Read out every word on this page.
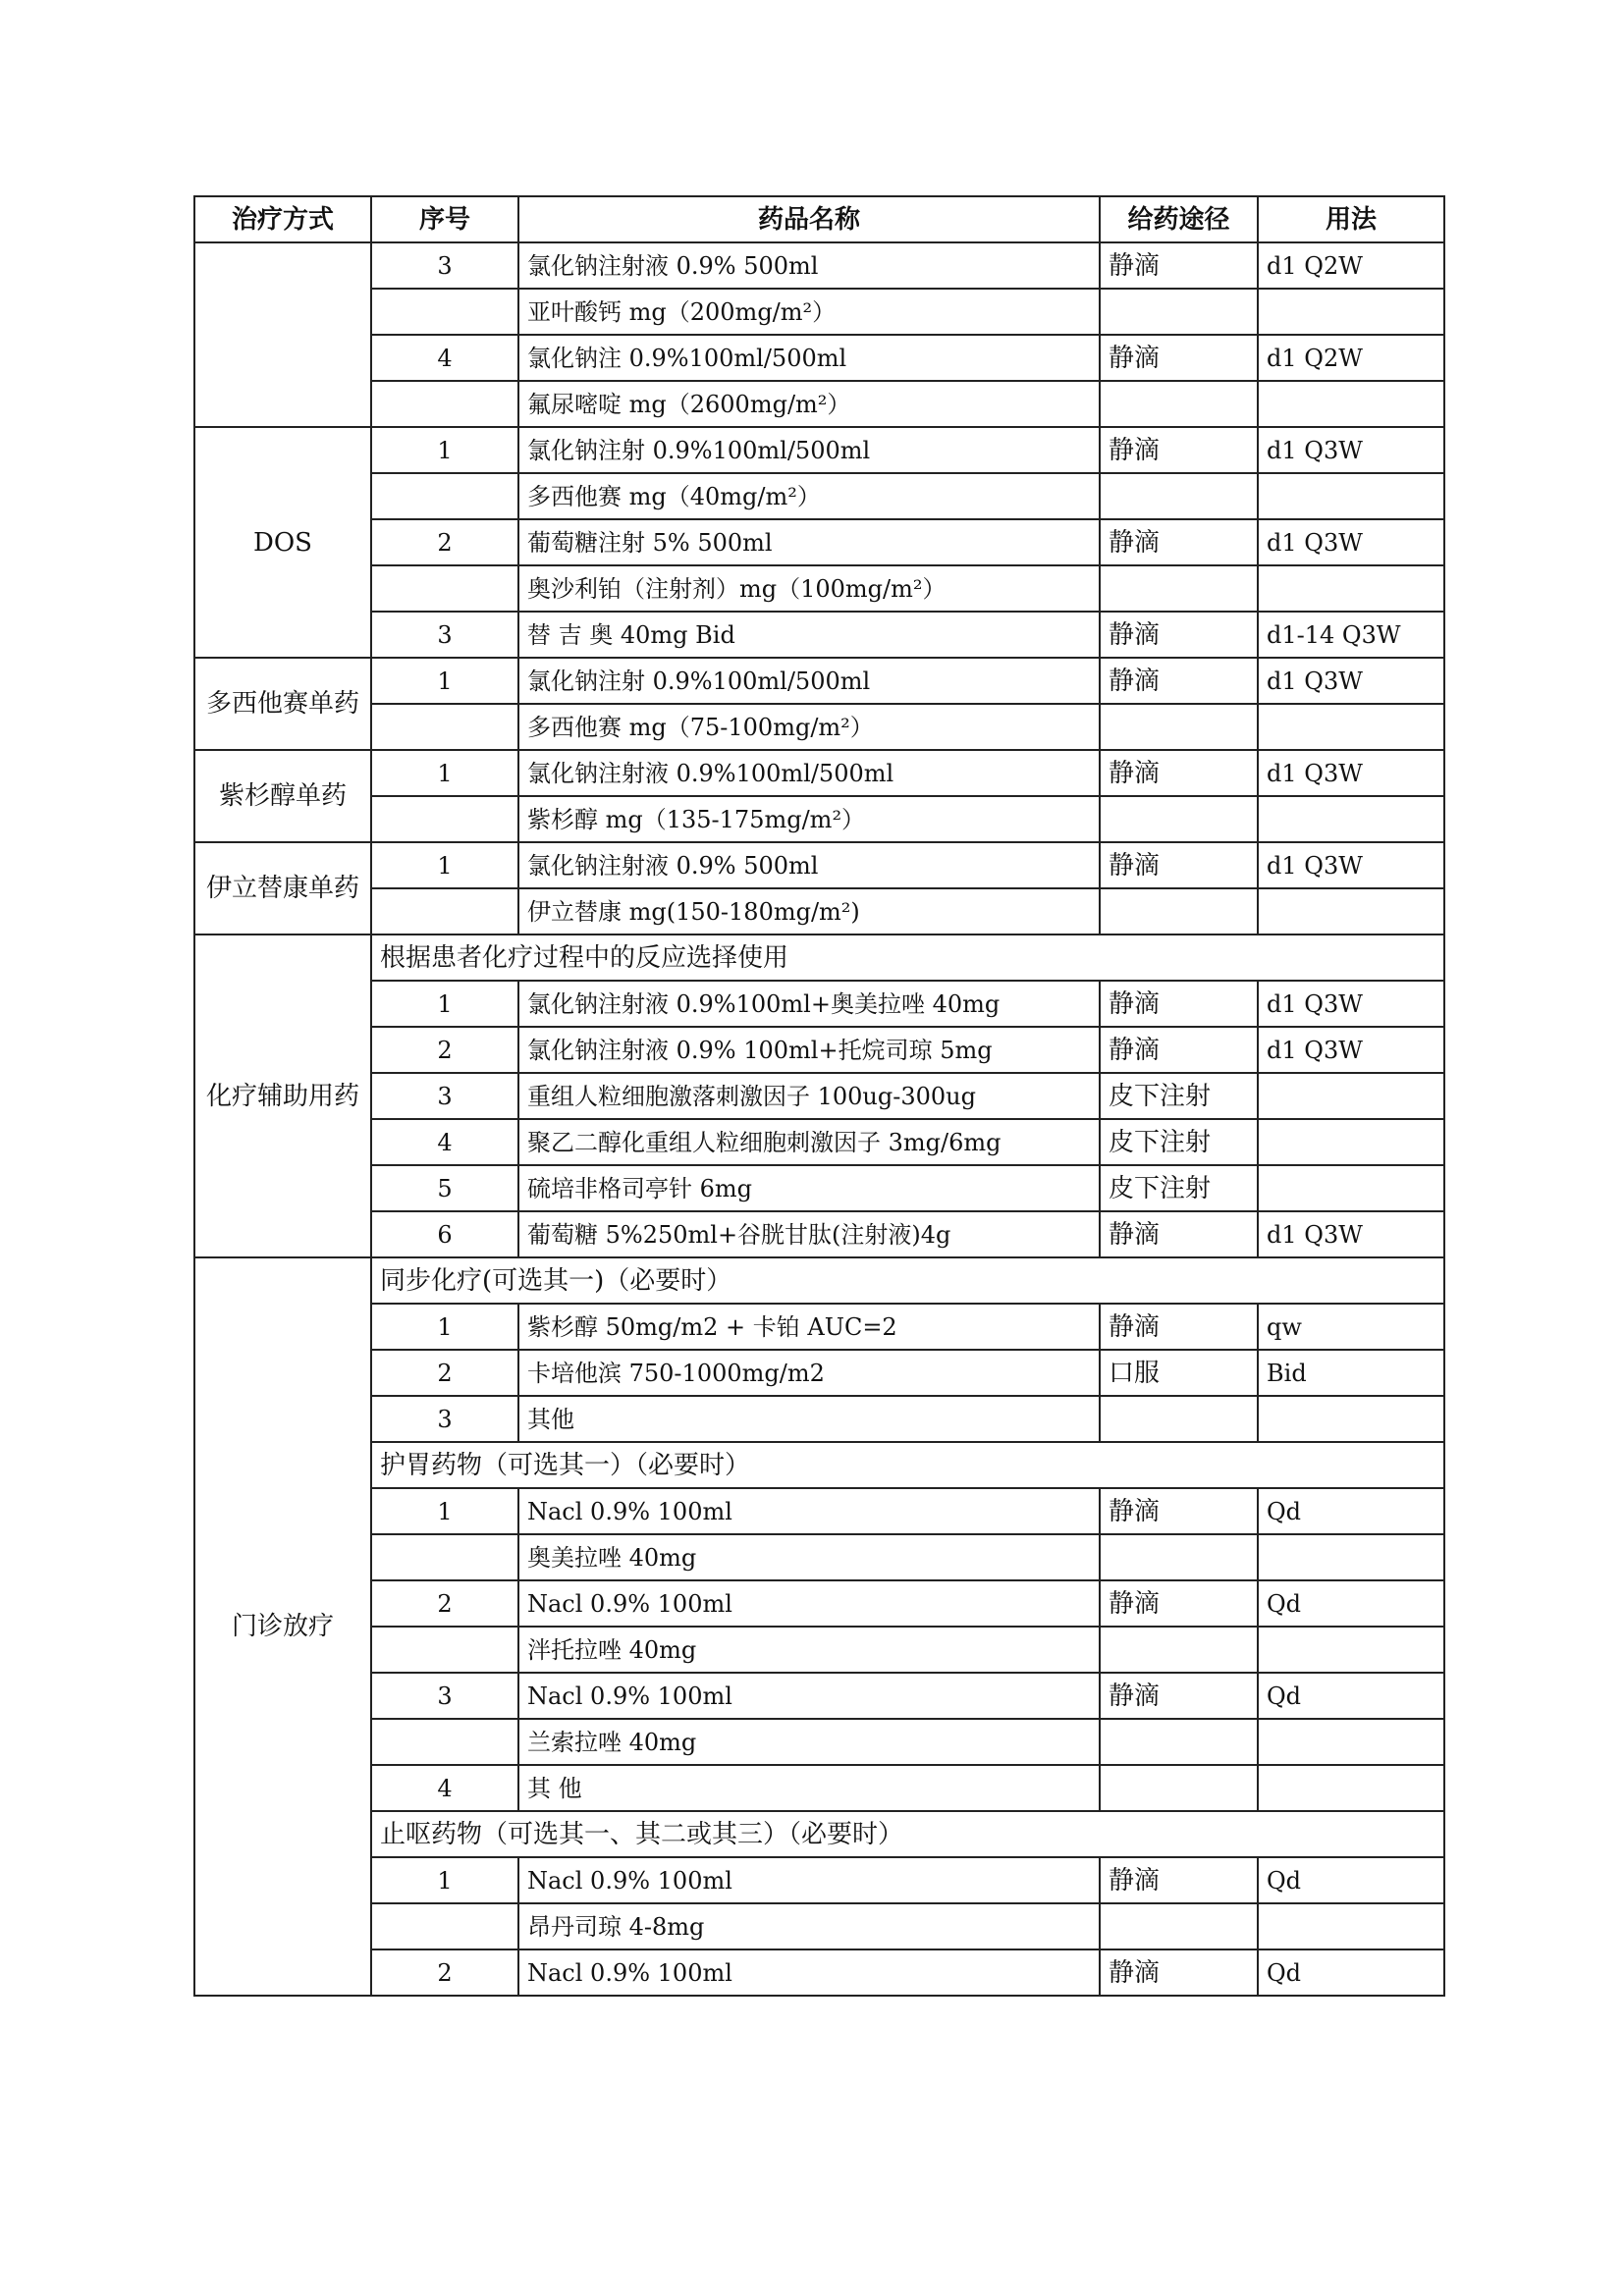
治疗方式	序号	药品名称	给药途径	用法
	3	氯化钠注射液 0.9% 500ml	静滴	d1 Q2W
		亚叶酸钙 mg（200mg/m²）		
	4	氯化钠注 0.9%100ml/500ml	静滴	d1 Q2W
		氟尿嘧啶 mg（2600mg/m²）		
DOS	1	氯化钠注射 0.9%100ml/500ml	静滴	d1 Q3W
		多西他赛 mg（40mg/m²）		
	2	葡萄糖注射 5% 500ml	静滴	d1 Q3W
		奥沙利铂（注射剂）mg（100mg/m²）		
	3	替 吉 奥 40mg Bid	静滴	d1-14 Q3W
多西他赛单药	1	氯化钠注射 0.9%100ml/500ml	静滴	d1 Q3W
		多西他赛 mg（75-100mg/m²）		
紫杉醇单药	1	氯化钠注射液 0.9%100ml/500ml	静滴	d1 Q3W
		紫杉醇 mg（135-175mg/m²）		
伊立替康单药	1	氯化钠注射液 0.9% 500ml	静滴	d1 Q3W
		伊立替康 mg(150-180mg/m²)		
化疗辅助用药	根据患者化疗过程中的反应选择使用			
	1	氯化钠注射液 0.9%100ml+奥美拉唑 40mg	静滴	d1 Q3W
	2	氯化钠注射液 0.9% 100ml+托烷司琼 5mg	静滴	d1 Q3W
	3	重组人粒细胞激落刺激因子 100ug-300ug	皮下注射	
	4	聚乙二醇化重组人粒细胞刺激因子 3mg/6mg	皮下注射	
	5	硫培非格司亭针 6mg	皮下注射	
	6	葡萄糖 5%250ml+谷胱甘肽(注射液)4g	静滴	d1 Q3W
门诊放疗	同步化疗(可选其一)（必要时）			
	1	紫杉醇 50mg/m2 + 卡铂 AUC=2	静滴	qw
	2	卡培他滨 750-1000mg/m2	口服	Bid
	3	其他		
	护胃药物（可选其一）（必要时）			
	1	Nacl 0.9% 100ml	静滴	Qd
		奥美拉唑 40mg		
	2	Nacl 0.9% 100ml	静滴	Qd
		泮托拉唑 40mg		
	3	Nacl 0.9% 100ml	静滴	Qd
		兰索拉唑 40mg		
	4	其 他		
	止呕药物（可选其一、其二或其三）（必要时）			
	1	Nacl 0.9% 100ml	静滴	Qd
		昂丹司琼 4-8mg		
	2	Nacl 0.9% 100ml	静滴	Qd
